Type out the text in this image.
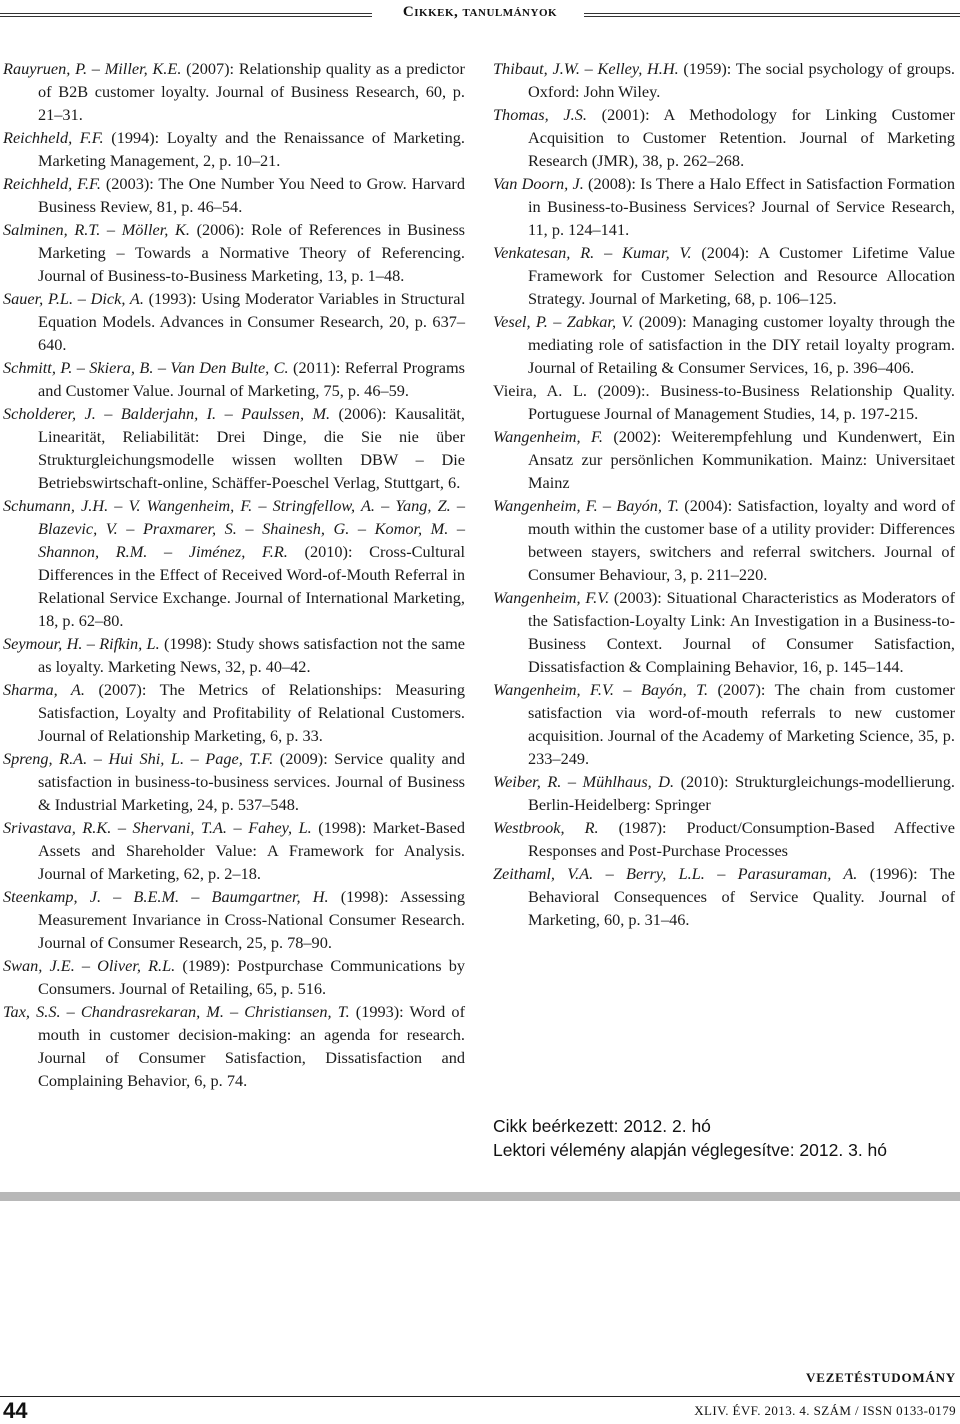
Cikkek, tanulmányok

Rauyruen, P. – Miller, K.E. (2007): Relationship quality as a predictor of B2B customer loyalty. Journal of Business Research, 60, p. 21–31.

Reichheld, F.F. (1994): Loyalty and the Renaissance of Marketing. Marketing Management, 2, p. 10–21.

Reichheld, F.F. (2003): The One Number You Need to Grow. Harvard Business Review, 81, p. 46–54.

Salminen, R.T. – Möller, K. (2006): Role of References in Business Marketing – Towards a Normative Theory of Referencing. Journal of Business-to-Business Marketing, 13, p. 1–48.

Sauer, P.L. – Dick, A. (1993): Using Moderator Variables in Structural Equation Models. Advances in Consumer Research, 20, p. 637–640.

Schmitt, P. – Skiera, B. – Van Den Bulte, C. (2011): Referral Programs and Customer Value. Journal of Marketing, 75, p. 46–59.

Scholderer, J. – Balderjahn, I. – Paulssen, M. (2006): Kausalität, Linearität, Reliabilität: Drei Dinge, die Sie nie über Strukturgleichungsmodelle wissen wollten DBW – Die Betriebswirtschaft-online, Schäffer-Poeschel Verlag, Stuttgart, 6.

Schumann, J.H. – V. Wangenheim, F. – Stringfellow, A. – Yang, Z. – Blazevic, V. – Praxmarer, S. – Shainesh, G. – Komor, M. – Shannon, R.M. – Jiménez, F.R. (2010): Cross-Cultural Differences in the Effect of Received Word-of-Mouth Referral in Relational Service Exchange. Journal of International Marketing, 18, p. 62–80.

Seymour, H. – Rifkin, L. (1998): Study shows satisfaction not the same as loyalty. Marketing News, 32, p. 40–42.

Sharma, A. (2007): The Metrics of Relationships: Measuring Satisfaction, Loyalty and Profitability of Relational Customers. Journal of Relationship Marketing, 6, p. 33.

Spreng, R.A. – Hui Shi, L. – Page, T.F. (2009): Service quality and satisfaction in business-to-business services. Journal of Business & Industrial Marketing, 24, p. 537–548.

Srivastava, R.K. – Shervani, T.A. – Fahey, L. (1998): Market-Based Assets and Shareholder Value: A Framework for Analysis. Journal of Marketing, 62, p. 2–18.

Steenkamp, J. – B.E.M. – Baumgartner, H. (1998): Assessing Measurement Invariance in Cross-National Consumer Research. Journal of Consumer Research, 25, p. 78–90.

Swan, J.E. – Oliver, R.L. (1989): Postpurchase Communications by Consumers. Journal of Retailing, 65, p. 516.

Tax, S.S. – Chandrasrekaran, M. – Christiansen, T. (1993): Word of mouth in customer decision-making: an agenda for research. Journal of Consumer Satisfaction, Dissatisfaction and Complaining Behavior, 6, p. 74.

Thibaut, J.W. – Kelley, H.H. (1959): The social psychology of groups. Oxford: John Wiley.

Thomas, J.S. (2001): A Methodology for Linking Customer Acquisition to Customer Retention. Journal of Marketing Research (JMR), 38, p. 262–268.

Van Doorn, J. (2008): Is There a Halo Effect in Satisfaction Formation in Business-to-Business Services? Journal of Service Research, 11, p. 124–141.

Venkatesan, R. – Kumar, V. (2004): A Customer Lifetime Value Framework for Customer Selection and Resource Allocation Strategy. Journal of Marketing, 68, p. 106–125.

Vesel, P. – Zabkar, V. (2009): Managing customer loyalty through the mediating role of satisfaction in the DIY retail loyalty program. Journal of Retailing & Consumer Services, 16, p. 396–406.

Vieira, A. L. (2009):. Business-to-Business Relationship Quality. Portuguese Journal of Management Studies, 14, p. 197-215.

Wangenheim, F. (2002): Weiterempfehlung und Kundenwert, Ein Ansatz zur persönlichen Kommunikation. Mainz: Universitaet Mainz

Wangenheim, F. – Bayón, T. (2004): Satisfaction, loyalty and word of mouth within the customer base of a utility provider: Differences between stayers, switchers and referral switchers. Journal of Consumer Behaviour, 3, p. 211–220.

Wangenheim, F.V. (2003): Situational Characteristics as Moderators of the Satisfaction-Loyalty Link: An Investigation in a Business-to-Business Context. Journal of Consumer Satisfaction, Dissatisfaction & Complaining Behavior, 16, p. 145–144.

Wangenheim, F.V. – Bayón, T. (2007): The chain from customer satisfaction via word-of-mouth referrals to new customer acquisition. Journal of the Academy of Marketing Science, 35, p. 233–249.

Weiber, R. – Mühlhaus, D. (2010): Strukturgleichungs-modellierung. Berlin-Heidelberg: Springer

Westbrook, R. (1987): Product/Consumption-Based Affective Responses and Post-Purchase Processes

Zeithaml, V.A. – Berry, L.L. – Parasuraman, A. (1996): The Behavioral Consequences of Service Quality. Journal of Marketing, 60, p. 31–46.

Cikk beérkezett: 2012. 2. hó
Lektori vélemény alapján véglegesítve: 2012. 3. hó
vezetéstudomány
44	XLIV. ÉVF. 2013. 4. SZÁM / ISSN 0133-0179
